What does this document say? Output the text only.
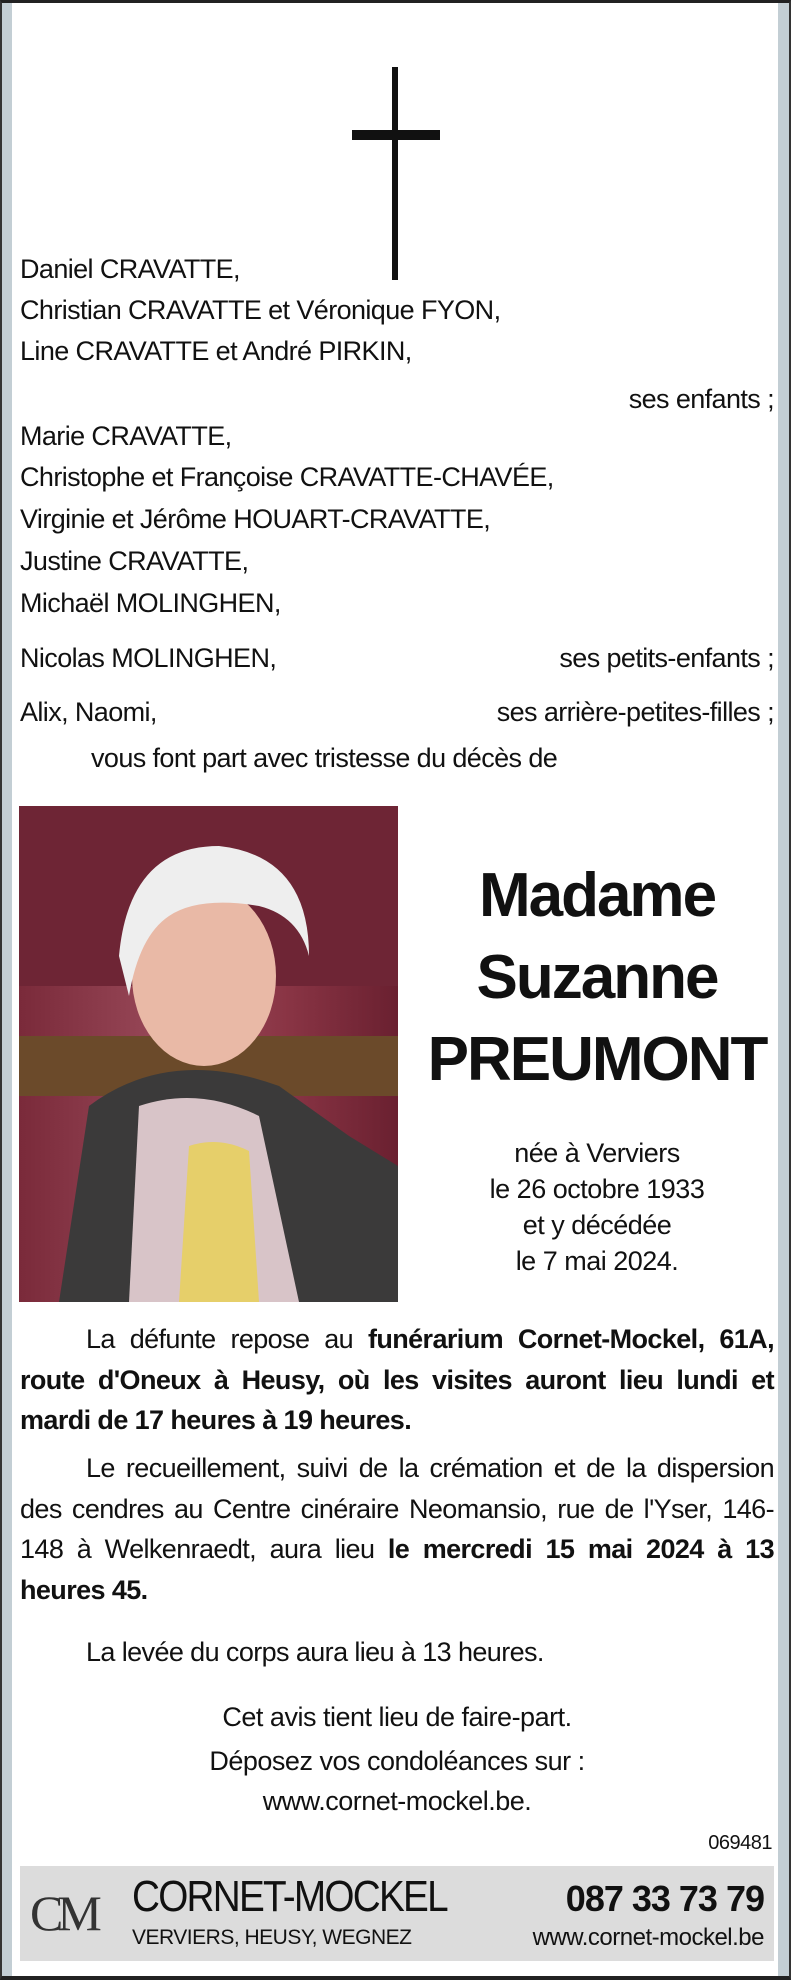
Daniel CRAVATTE,
Christian CRAVATTE et Véronique FYON,
Line CRAVATTE et André PIRKIN,
ses enfants ;
Marie CRAVATTE,
Christophe et Françoise CRAVATTE-CHAVÉE,
Virginie et Jérôme HOUART-CRAVATTE,
Justine CRAVATTE,
Michaël MOLINGHEN,
Nicolas MOLINGHEN,	ses petits-enfants ;
Alix, Naomi,	ses arrière-petites-filles ;
vous font part avec tristesse du décès de
Madame
Suzanne
PREUMONT
née à Verviers
le 26 octobre 1933
et y décédée
le 7 mai 2024.
La défunte repose au funérarium Cornet-Mockel, 61A, route d'Oneux à Heusy, où les visites auront lieu lundi et mardi de 17 heures à 19 heures.
Le recueillement, suivi de la crémation et de la dispersion des cendres au Centre cinéraire Neomansio, rue de l'Yser, 146-148 à Welkenraedt, aura lieu le mercredi 15 mai 2024 à 13 heures 45.
La levée du corps aura lieu à 13 heures.
Cet avis tient lieu de faire-part.
Déposez vos condoléances sur :
www.cornet-mockel.be.
069481
CM CORNET-MOCKEL	087 33 73 79
VERVIERS, HEUSY, WEGNEZ	www.cornet-mockel.be
